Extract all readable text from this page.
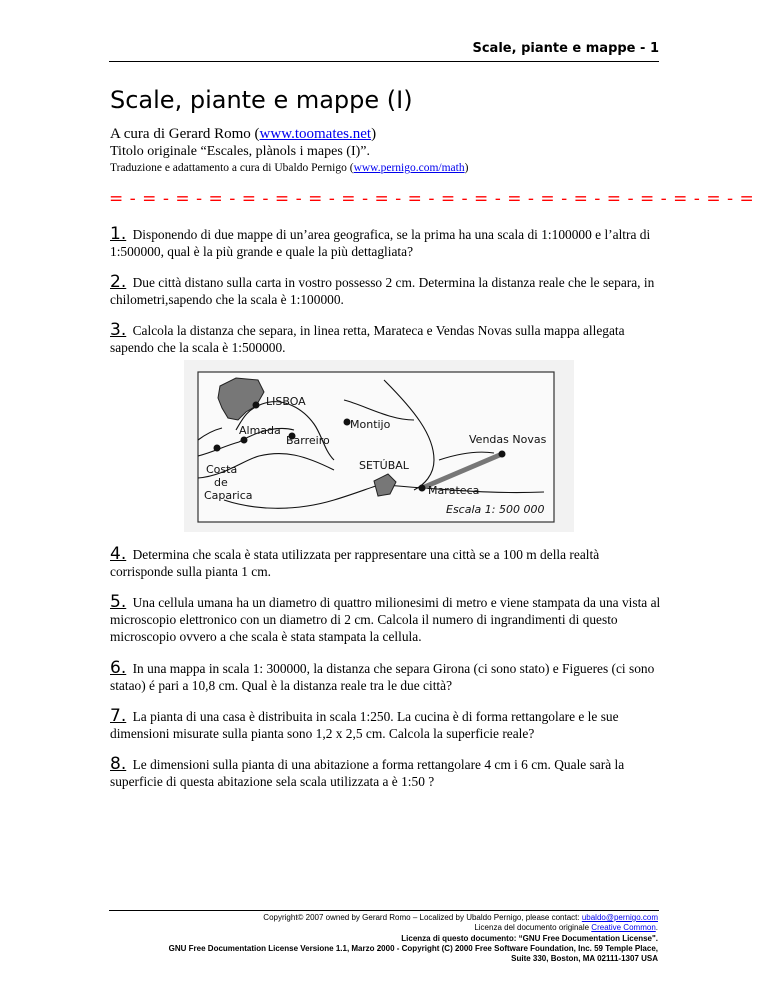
Scale, piante e mappe - 1
Scale, piante e mappe (I)
A cura di Gerard Romo (www.toomates.net)
Titolo originale “Escales, plànols i mapes (I)”.
Traduzione e adattamento a cura di Ubaldo Pernigo (www.pernigo.com/math)
= - = - = - = - = - = - = - = - = - = - = - = - = - = - = - = - = - = - = - =
1. Disponendo di due mappe di un’area geografica, se la prima ha una scala di 1:100000 e l’altra di 1:500000, qual è la più grande e quale la più dettagliata?
2. Due città distano sulla carta in vostro possesso 2 cm. Determina la distanza reale che le separa, in chilometri,sapendo che la scala è 1:100000.
3. Calcola la distanza che separa, in linea retta, Marateca e Vendas Novas sulla mappa allegata sapendo che la scala è 1:500000.
LISBOA
Montijo
Almada
Barreiro	Vendas Novas
SETÚBAL
Costa
de
Caparica	Marateca
Escala 1: 500 000
4. Determina che scala è stata utilizzata per rappresentare una città se a 100 m della realtà corrisponde sulla pianta 1 cm.
5. Una cellula umana ha un diametro di quattro milionesimi di metro e viene stampata da una vista al microscopio elettronico con un diametro di 2 cm. Calcola il numero di ingrandimenti di questo microscopio ovvero a che scala è stata stampata la cellula.
6. In una mappa in scala 1: 300000, la distanza che separa Girona (ci sono stato) e Figueres (ci sono statao) é pari a 10,8 cm. Qual è la distanza reale tra le due città?
7. La pianta di una casa è distribuita in scala 1:250. La cucina è di forma rettangolare e le sue dimensioni misurate sulla pianta sono 1,2 x 2,5 cm. Calcola la superficie reale?
8. Le dimensioni sulla pianta di una abitazione a forma rettangolare 4 cm i 6 cm. Quale sarà la superficie di questa abitazione sela scala utilizzata a è 1:50 ?
Copyright© 2007 owned by Gerard Romo – Localized by Ubaldo Pernigo, please contact: ubaldo@pernigo.com
Licenza del documento originale Creative Common.
Licenza di questo documento: “GNU Free Documentation License".
GNU Free Documentation License Versione 1.1, Marzo 2000 - Copyright (C) 2000 Free Software Foundation, Inc. 59 Temple Place,
Suite 330, Boston, MA 02111-1307 USA
